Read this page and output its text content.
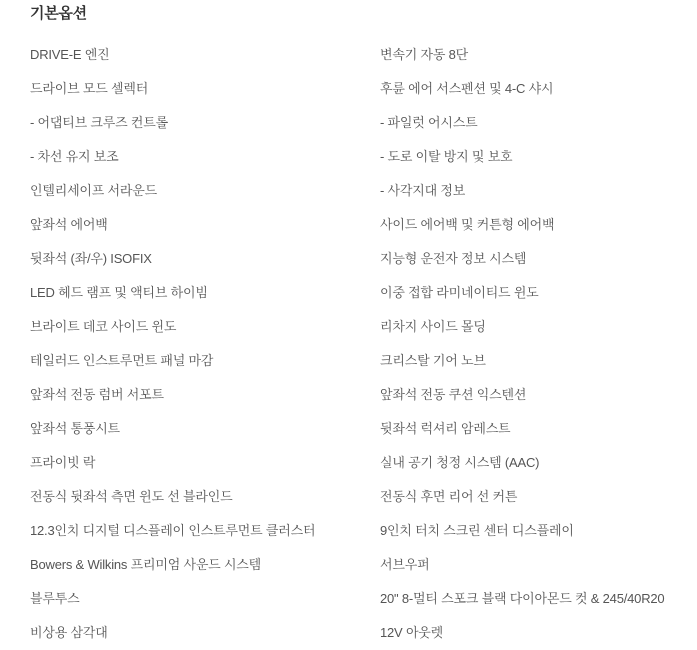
기본옵션
DRIVE-E 엔진
드라이브 모드 셀렉터
- 어댑티브 크루즈 컨트롤
- 차선 유지 보조
인텔리세이프 서라운드
앞좌석 에어백
뒷좌석 (좌/우) ISOFIX
LED 헤드 램프 및 액티브 하이빔
브라이트 데코 사이드 윈도
테일러드 인스트루먼트 패널 마감
앞좌석 전동 럼버 서포트
앞좌석 통풍시트
프라이빗 락
전동식 뒷좌석 측면 윈도 선 블라인드
12.3인치 디지털 디스플레이 인스트루먼트 클러스터
Bowers & Wilkins 프리미엄 사운드 시스템
블루투스
비상용 삼각대
변속기 자동 8단
후륜 에어 서스펜션 및 4-C 샤시
- 파일럿 어시스트
- 도로 이탈 방지 및 보호
- 사각지대 정보
사이드 에어백 및 커튼형 에어백
지능형 운전자 정보 시스템
이중 접합 라미네이티드 윈도
리차지 사이드 몰딩
크리스탈 기어 노브
앞좌석 전동 쿠션 익스텐션
뒷좌석 럭셔리 암레스트
실내 공기 청정 시스템 (AAC)
전동식 후면 리어 선 커튼
9인치 터치 스크린 센터 디스플레이
서브우퍼
20" 8-멀티 스포크 블랙 다이아몬드 컷 & 245/40R20
12V 아웃렛
